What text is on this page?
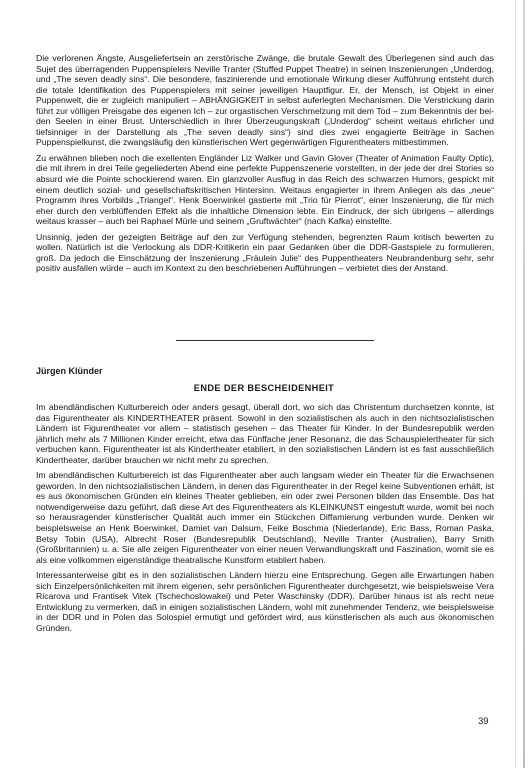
Die verlorenen Ängste, Ausgeliefertsein an zerstörische Zwänge, die brutale Gewalt des Überlegenen sind auch das Sujet des überragenden Puppenspielers Neville Tranter (Stuffed Puppet Theatre) in seinen Inszenierungen „Underdog, und „The seven deadly sins“. Die besondere, faszinierende und emotionale Wirkung dieser Aufführung entsteht durch die totale Identifikation des Puppenspielers mit seiner jeweiligen Hauptfigur. Er, der Mensch, ist Objekt in einer Puppenwelt, die er zugleich manipuliert – ABHÄNGIGKEIT in selbst auferlegten Mechanismen. Die Verstrickung darin führt zur völligen Preisgabe des eigenen Ich – zur orgastischen Verschmelzung mit dem Tod – zum Bekenntnis der beiden Seelen in einer Brust. Unterschiedlich in ihrer Überzeugungskraft („Underdog“ scheint weitaus ehrlicher und tiefsinniger in der Darstellung als „The seven deadly sins“) sind dies zwei engagierte Beiträge in Sachen Puppenspielkunst, die zwangsläufig den künstlerischen Wert gegenwärtigen Figurentheaters mitbestimmen.

Zu erwähnen blieben noch die exellenten Engländer Liz Walker und Gavin Glover (Theater of Animation Faulty Optic), die mit ihrem in drei Teile gegeliederten Abend eine perfekte Puppenszenerie vorstellten, in der jede der drei Stories so absurd wie die Pointe schockierend waren. Ein glanzvoller Ausflug in das Reich des schwarzen Humors, gespickt mit einem deutlich sozial- und gesellschaftskritischen Hintersinn. Weitaus engagierter in ihrem Anliegen als das „neue“ Programm ihres Vorbilds „Triangel“. Henk Boerwinkel gastierte mit „Trio für Pierrot“, einer Inszenierung, die für mich eher durch den verblüffenden Effekt als die inhaltliche Dimension lebte. Ein Eindruck, der sich übrigens – allerdings weitaus krasser – auch bei Raphael Mürle und seinem „Gruftwächter“ (nach Kafka) einstellte.

Unsinnig, jeden der gezeigten Beiträge auf den zur Verfügung stehenden, begrenzten Raum kritisch bewerten zu wollen. Natürlich ist die Verlockung als DDR-Kritikerin ein paar Gedanken über die DDR-Gastspiele zu formulieren, groß. Da jedoch die Einschätzung der Inszenierung „Fräulein Julie“ des Puppentheaters Neubrandenburg sehr, sehr positiv ausfallen würde – auch im Kontext zu den beschriebenen Aufführungen – verbietet dies der Anstand.

Jürgen Klünder
ENDE DER BESCHEIDENHEIT

Im abendländischen Kulturbereich oder anders gesagt, überall dort, wo sich das Christentum durchsetzen konnte, ist das Figurentheater als KINDERTHEATER präsent. Sowohl in den sozialistischen als auch in den nichtsozialistischen Ländern ist Figurentheater vor allem – statistisch gesehen – das Theater für Kinder. In der Bundesrepublik werden jährlich mehr als 7 Millionen Kinder erreicht, etwa das Fünffache jener Resonanz, die das Schauspielertheater für sich verbuchen kann. Figurentheater ist als Kindertheater etabliert, in den sozialistischen Ländern ist es fast ausschließlich Kindertheater, darüber brauchen wir nicht mehr zu sprechen.

Im abendländischen Kulturbereich ist das Figurentheater aber auch langsam wieder ein Theater für die Erwachsenen geworden. In den nichtsozialistischen Ländern, in denen das Figurentheater in der Regel keine Subventionen erhält, ist es aus ökonomischen Gründen ein kleines Theater geblieben, ein oder zwei Personen bilden das Ensemble. Das hat notwendigerweise dazu geführt, daß diese Art des Figurentheaters als KLEINKUNST eingestuft wurde, womit bei noch so herausragender künstlerischer Qualität auch immer ein Stückchen Diffamierung verbunden wurde. Denken wir beispielsweise an Henk Boerwinkel, Damiet van Dalsum, Feike Boschma (Niederlande), Eric Bass, Roman Paska, Betsy Tobin (USA), Albrecht Roser (Bundesrepublik Deutschland), Neville Tranter (Australien), Barry Smith (Großbritannien) u. a. Sie alle zeigen Figurentheater von einer neuen Verwandlungskraft und Faszination, womit sie es als eine vollkommen eigenständige theatralische Kunstform etabliert haben.

Interessanterweise gibt es in den sozialistischen Ländern hierzu eine Entsprechung. Gegen alle Erwartungen haben sich Einzelpersönlichkeiten mit ihrem eigenen, sehr persönlichen Figurentheater durchgesetzt, wie beispielsweise Vera Ricarova und Frantisek Vitek (Tschechoslowakei) und Peter Waschinsky (DDR). Darüber hinaus ist als recht neue Entwicklung zu vermerken, daß in einigen sozialistischen Ländern, wohl mit zunehmender Tendenz, wie beispielsweise in der DDR und in Polen das Solospiel ermutigt und gefördert wird, aus künstlerischen als auch aus ökonomischen Gründen.

39
